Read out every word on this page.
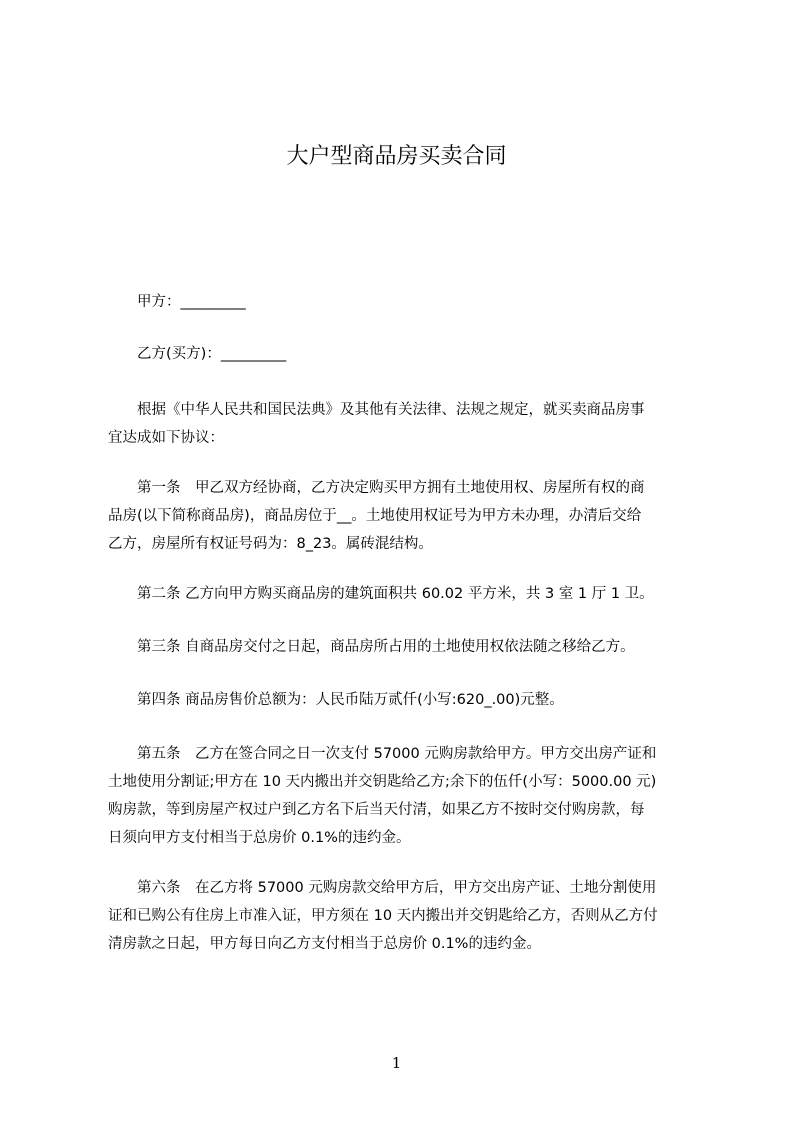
大户型商品房买卖合同
甲方：_________
乙方(买方)：_________
根据《中华人民共和国民法典》及其他有关法律、法规之规定，就买卖商品房事
宜达成如下协议：
第一条　甲乙双方经协商，乙方决定购买甲方拥有土地使用权、房屋所有权的商
品房(以下简称商品房)，商品房位于__。土地使用权证号为甲方未办理，办清后交给
乙方，房屋所有权证号码为：8_23。属砖混结构。
第二条 乙方向甲方购买商品房的建筑面积共 60.02 平方米，共 3 室 1 厅 1 卫。
第三条 自商品房交付之日起，商品房所占用的土地使用权依法随之移给乙方。
第四条 商品房售价总额为：人民币陆万贰仟(小写:620_.00)元整。
第五条　乙方在签合同之日一次支付 57000 元购房款给甲方。甲方交出房产证和
土地使用分割证;甲方在 10 天内搬出并交钥匙给乙方;余下的伍仟(小写：5000.00 元)
购房款，等到房屋产权过户到乙方名下后当天付清，如果乙方不按时交付购房款，每
日须向甲方支付相当于总房价 0.1%的违约金。
第六条　在乙方将 57000 元购房款交给甲方后，甲方交出房产证、土地分割使用
证和已购公有住房上市准入证，甲方须在 10 天内搬出并交钥匙给乙方，否则从乙方付
清房款之日起，甲方每日向乙方支付相当于总房价 0.1%的违约金。
1
